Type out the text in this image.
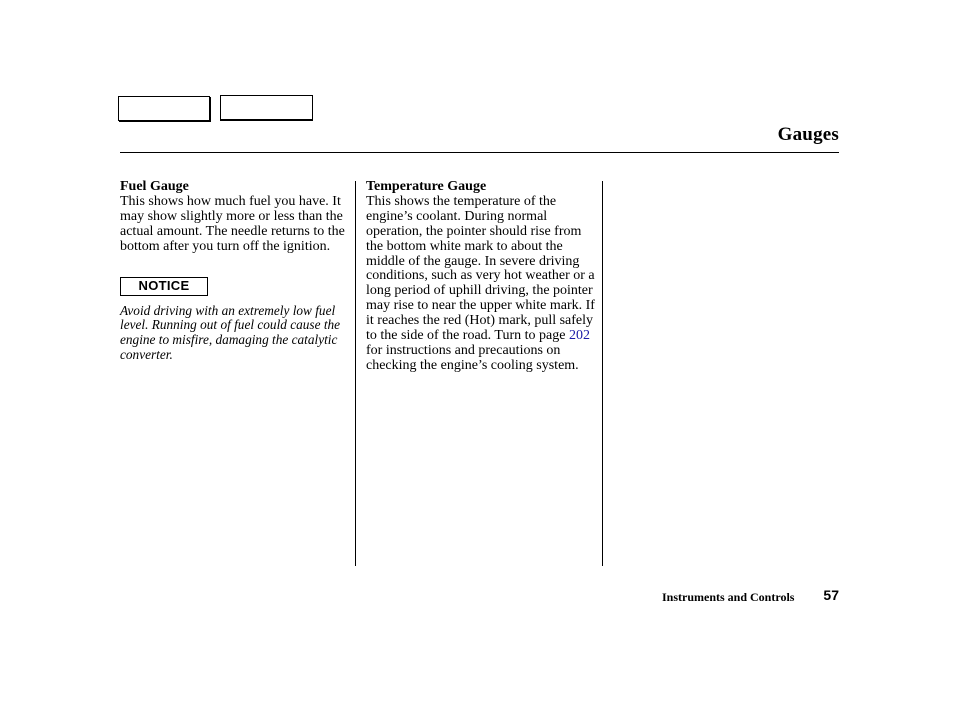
Gauges

Fuel Gauge

This shows how much fuel you have. It may show slightly more or less than the actual amount. The needle returns to the bottom after you turn off the ignition.

NOTICE

Avoid driving with an extremely low fuel level. Running out of fuel could cause the engine to misfire, damaging the catalytic converter.

Temperature Gauge

This shows the temperature of the engine’s coolant. During normal operation, the pointer should rise from the bottom white mark to about the middle of the gauge. In severe driving conditions, such as very hot weather or a long period of uphill driving, the pointer may rise to near the upper white mark. If it reaches the red (Hot) mark, pull safely to the side of the road. Turn to page 202 for instructions and precautions on checking the engine’s cooling system.

Instruments and Controls 57
